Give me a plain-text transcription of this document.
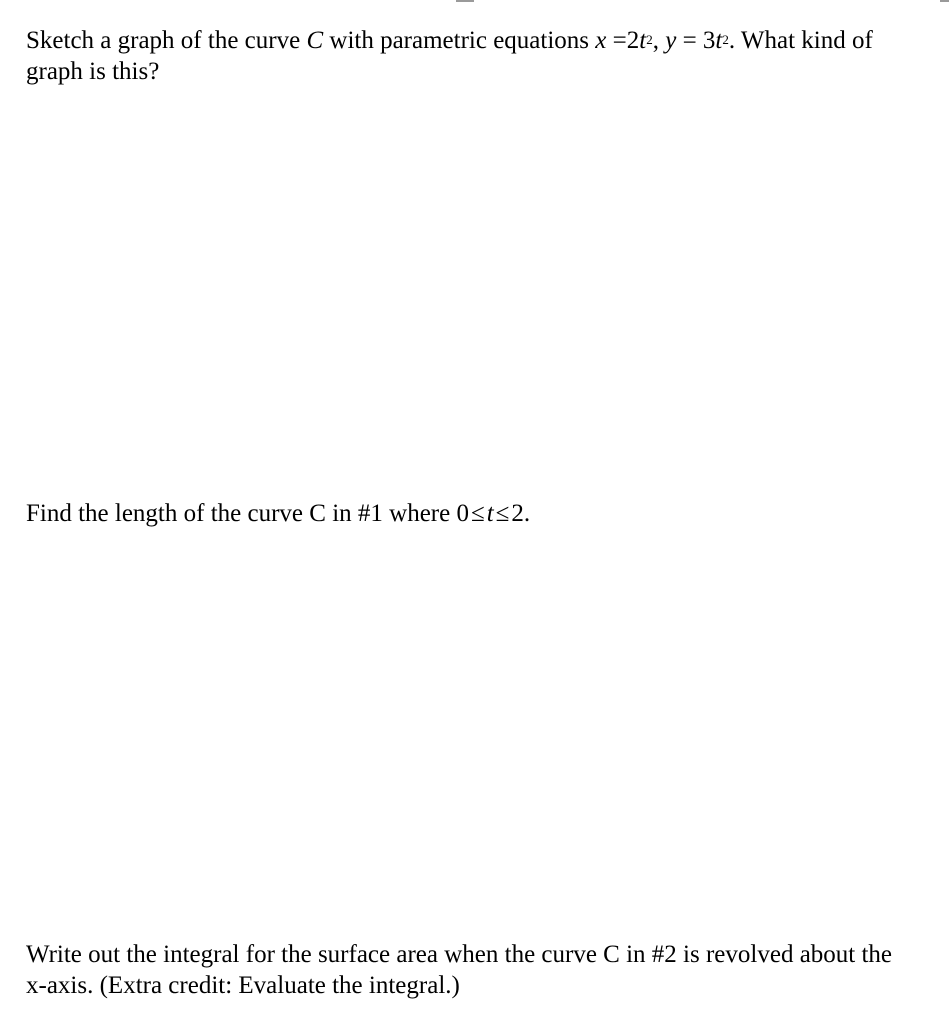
Sketch a graph of the curve C with parametric equations $x =2t^2$, $y = 3t^2$. What kind of graph is this?

Find the length of the curve C in #1 where 0≤t≤2.

Write out the integral for the surface area when the curve C in #2 is revolved about the x-axis. (Extra credit: Evaluate the integral.)
